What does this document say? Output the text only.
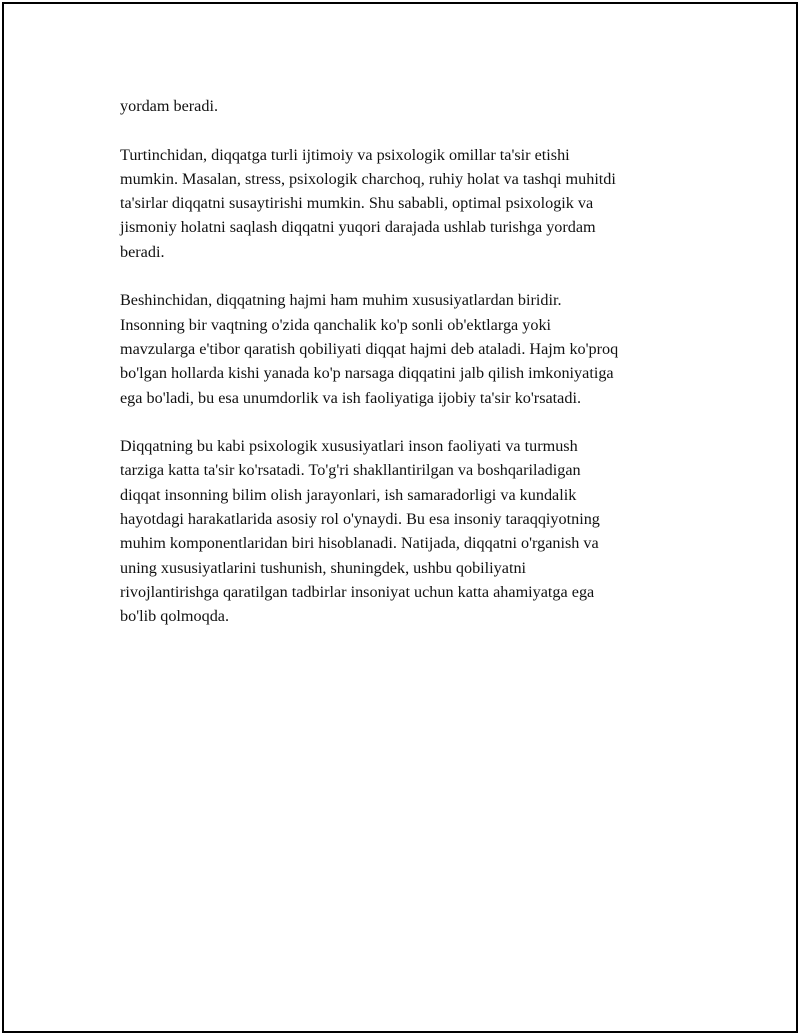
yordam beradi.

Turtinchidan, diqqatga turli ijtimoiy va psixologik omillar ta'sir etishi
mumkin. Masalan, stress, psixologik charchoq, ruhiy holat va tashqi muhitdi
ta'sirlar diqqatni susaytirishi mumkin. Shu sababli, optimal psixologik va
jismoniy holatni saqlash diqqatni yuqori darajada ushlab turishga yordam
beradi.

Beshinchidan, diqqatning hajmi ham muhim xususiyatlardan biridir.
Insonning bir vaqtning o'zida qanchalik ko'p sonli ob'ektlarga yoki
mavzularga e'tibor qaratish qobiliyati diqqat hajmi deb ataladi. Hajm ko'proq
bo'lgan hollarda kishi yanada ko'p narsaga diqqatini jalb qilish imkoniyatiga
ega bo'ladi, bu esa unumdorlik va ish faoliyatiga ijobiy ta'sir ko'rsatadi.

Diqqatning bu kabi psixologik xususiyatlari inson faoliyati va turmush
tarziga katta ta'sir ko'rsatadi. To'g'ri shakllantirilgan va boshqariladigan
diqqat insonning bilim olish jarayonlari, ish samaradorligi va kundalik
hayotdagi harakatlarida asosiy rol o'ynaydi. Bu esa insoniy taraqqiyotning
muhim komponentlaridan biri hisoblanadi. Natijada, diqqatni o'rganish va
uning xususiyatlarini tushunish, shuningdek, ushbu qobiliyatni
rivojlantirishga qaratilgan tadbirlar insoniyat uchun katta ahamiyatga ega
bo'lib qolmoqda.
